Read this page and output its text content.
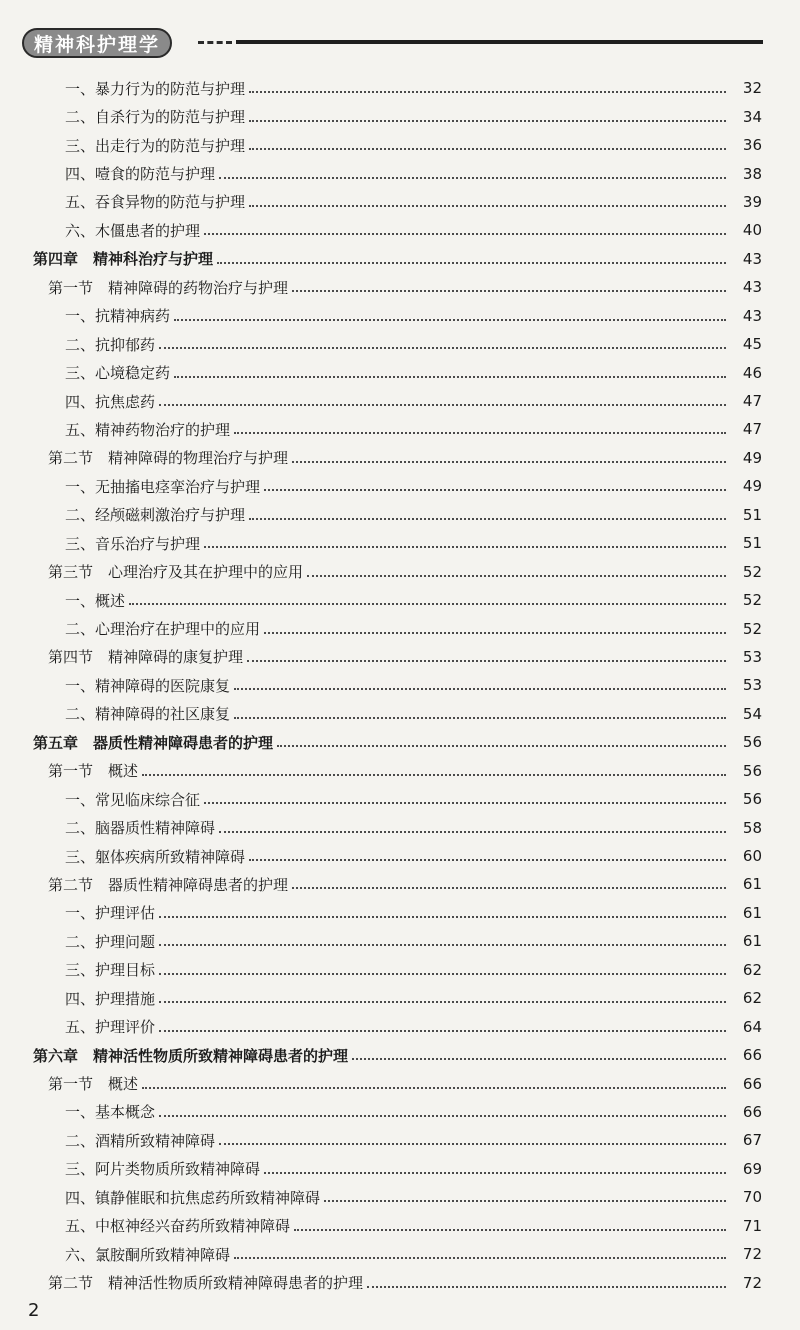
精神科护理学
一、暴力行为的防范与护理	32
二、自杀行为的防范与护理	34
三、出走行为的防范与护理	36
四、噎食的防范与护理	38
五、吞食异物的防范与护理	39
六、木僵患者的护理	40
第四章　精神科治疗与护理	43
第一节　精神障碍的药物治疗与护理	43
一、抗精神病药	43
二、抗抑郁药	45
三、心境稳定药	46
四、抗焦虑药	47
五、精神药物治疗的护理	47
第二节　精神障碍的物理治疗与护理	49
一、无抽搐电痉挛治疗与护理	49
二、经颅磁刺激治疗与护理	51
三、音乐治疗与护理	51
第三节　心理治疗及其在护理中的应用	52
一、概述	52
二、心理治疗在护理中的应用	52
第四节　精神障碍的康复护理	53
一、精神障碍的医院康复	53
二、精神障碍的社区康复	54
第五章　器质性精神障碍患者的护理	56
第一节　概述	56
一、常见临床综合征	56
二、脑器质性精神障碍	58
三、躯体疾病所致精神障碍	60
第二节　器质性精神障碍患者的护理	61
一、护理评估	61
二、护理问题	61
三、护理目标	62
四、护理措施	62
五、护理评价	64
第六章　精神活性物质所致精神障碍患者的护理	66
第一节　概述	66
一、基本概念	66
二、酒精所致精神障碍	67
三、阿片类物质所致精神障碍	69
四、镇静催眠和抗焦虑药所致精神障碍	70
五、中枢神经兴奋药所致精神障碍	71
六、氯胺酮所致精神障碍	72
第二节　精神活性物质所致精神障碍患者的护理	72
2
